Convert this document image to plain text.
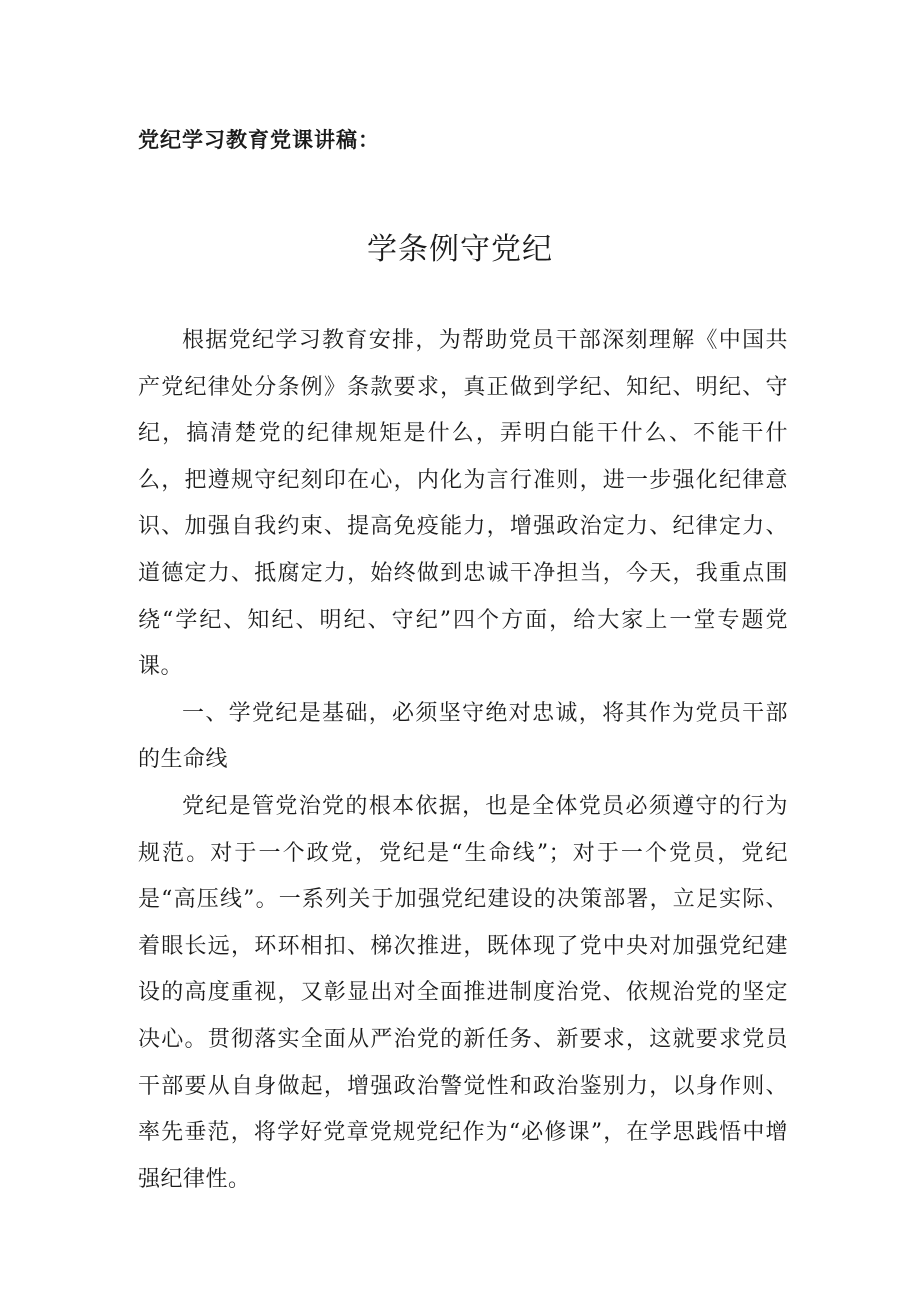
党纪学习教育党课讲稿：
学条例守党纪

根据党纪学习教育安排，为帮助党员干部深刻理解《中国共产党纪律处分条例》条款要求，真正做到学纪、知纪、明纪、守纪，搞清楚党的纪律规矩是什么，弄明白能干什么、不能干什么，把遵规守纪刻印在心，内化为言行准则，进一步强化纪律意识、加强自我约束、提高免疫能力，增强政治定力、纪律定力、道德定力、抵腐定力，始终做到忠诚干净担当，今天，我重点围绕“学纪、知纪、明纪、守纪”四个方面，给大家上一堂专题党课。

一、学党纪是基础，必须坚守绝对忠诚，将其作为党员干部的生命线

党纪是管党治党的根本依据，也是全体党员必须遵守的行为规范。对于一个政党，党纪是“生命线”；对于一个党员，党纪是“高压线”。一系列关于加强党纪建设的决策部署，立足实际、着眼长远，环环相扣、梯次推进，既体现了党中央对加强党纪建设的高度重视，又彰显出对全面推进制度治党、依规治党的坚定决心。贯彻落实全面从严治党的新任务、新要求，这就要求党员干部要从自身做起，增强政治警觉性和政治鉴别力，以身作则、率先垂范，将学好党章党规党纪作为“必修课”，在学思践悟中增强纪律性。
